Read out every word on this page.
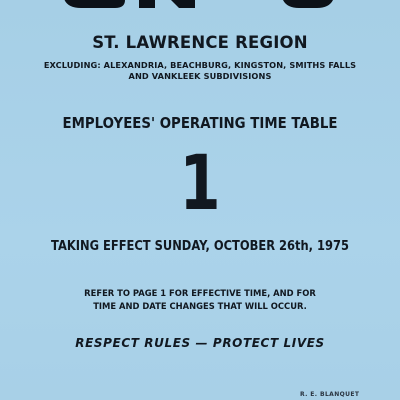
ST. LAWRENCE REGION
EXCLUDING: ALEXANDRIA, BEACHBURG, KINGSTON, SMITHS FALLS
AND VANKLEEK SUBDIVISIONS
EMPLOYEES' OPERATING TIME TABLE
1
TAKING EFFECT SUNDAY, OCTOBER 26th, 1975
REFER TO PAGE 1 FOR EFFECTIVE TIME, AND FOR
TIME AND DATE CHANGES THAT WILL OCCUR.
RESPECT RULES — PROTECT LIVES
R. E. BLANQUET
